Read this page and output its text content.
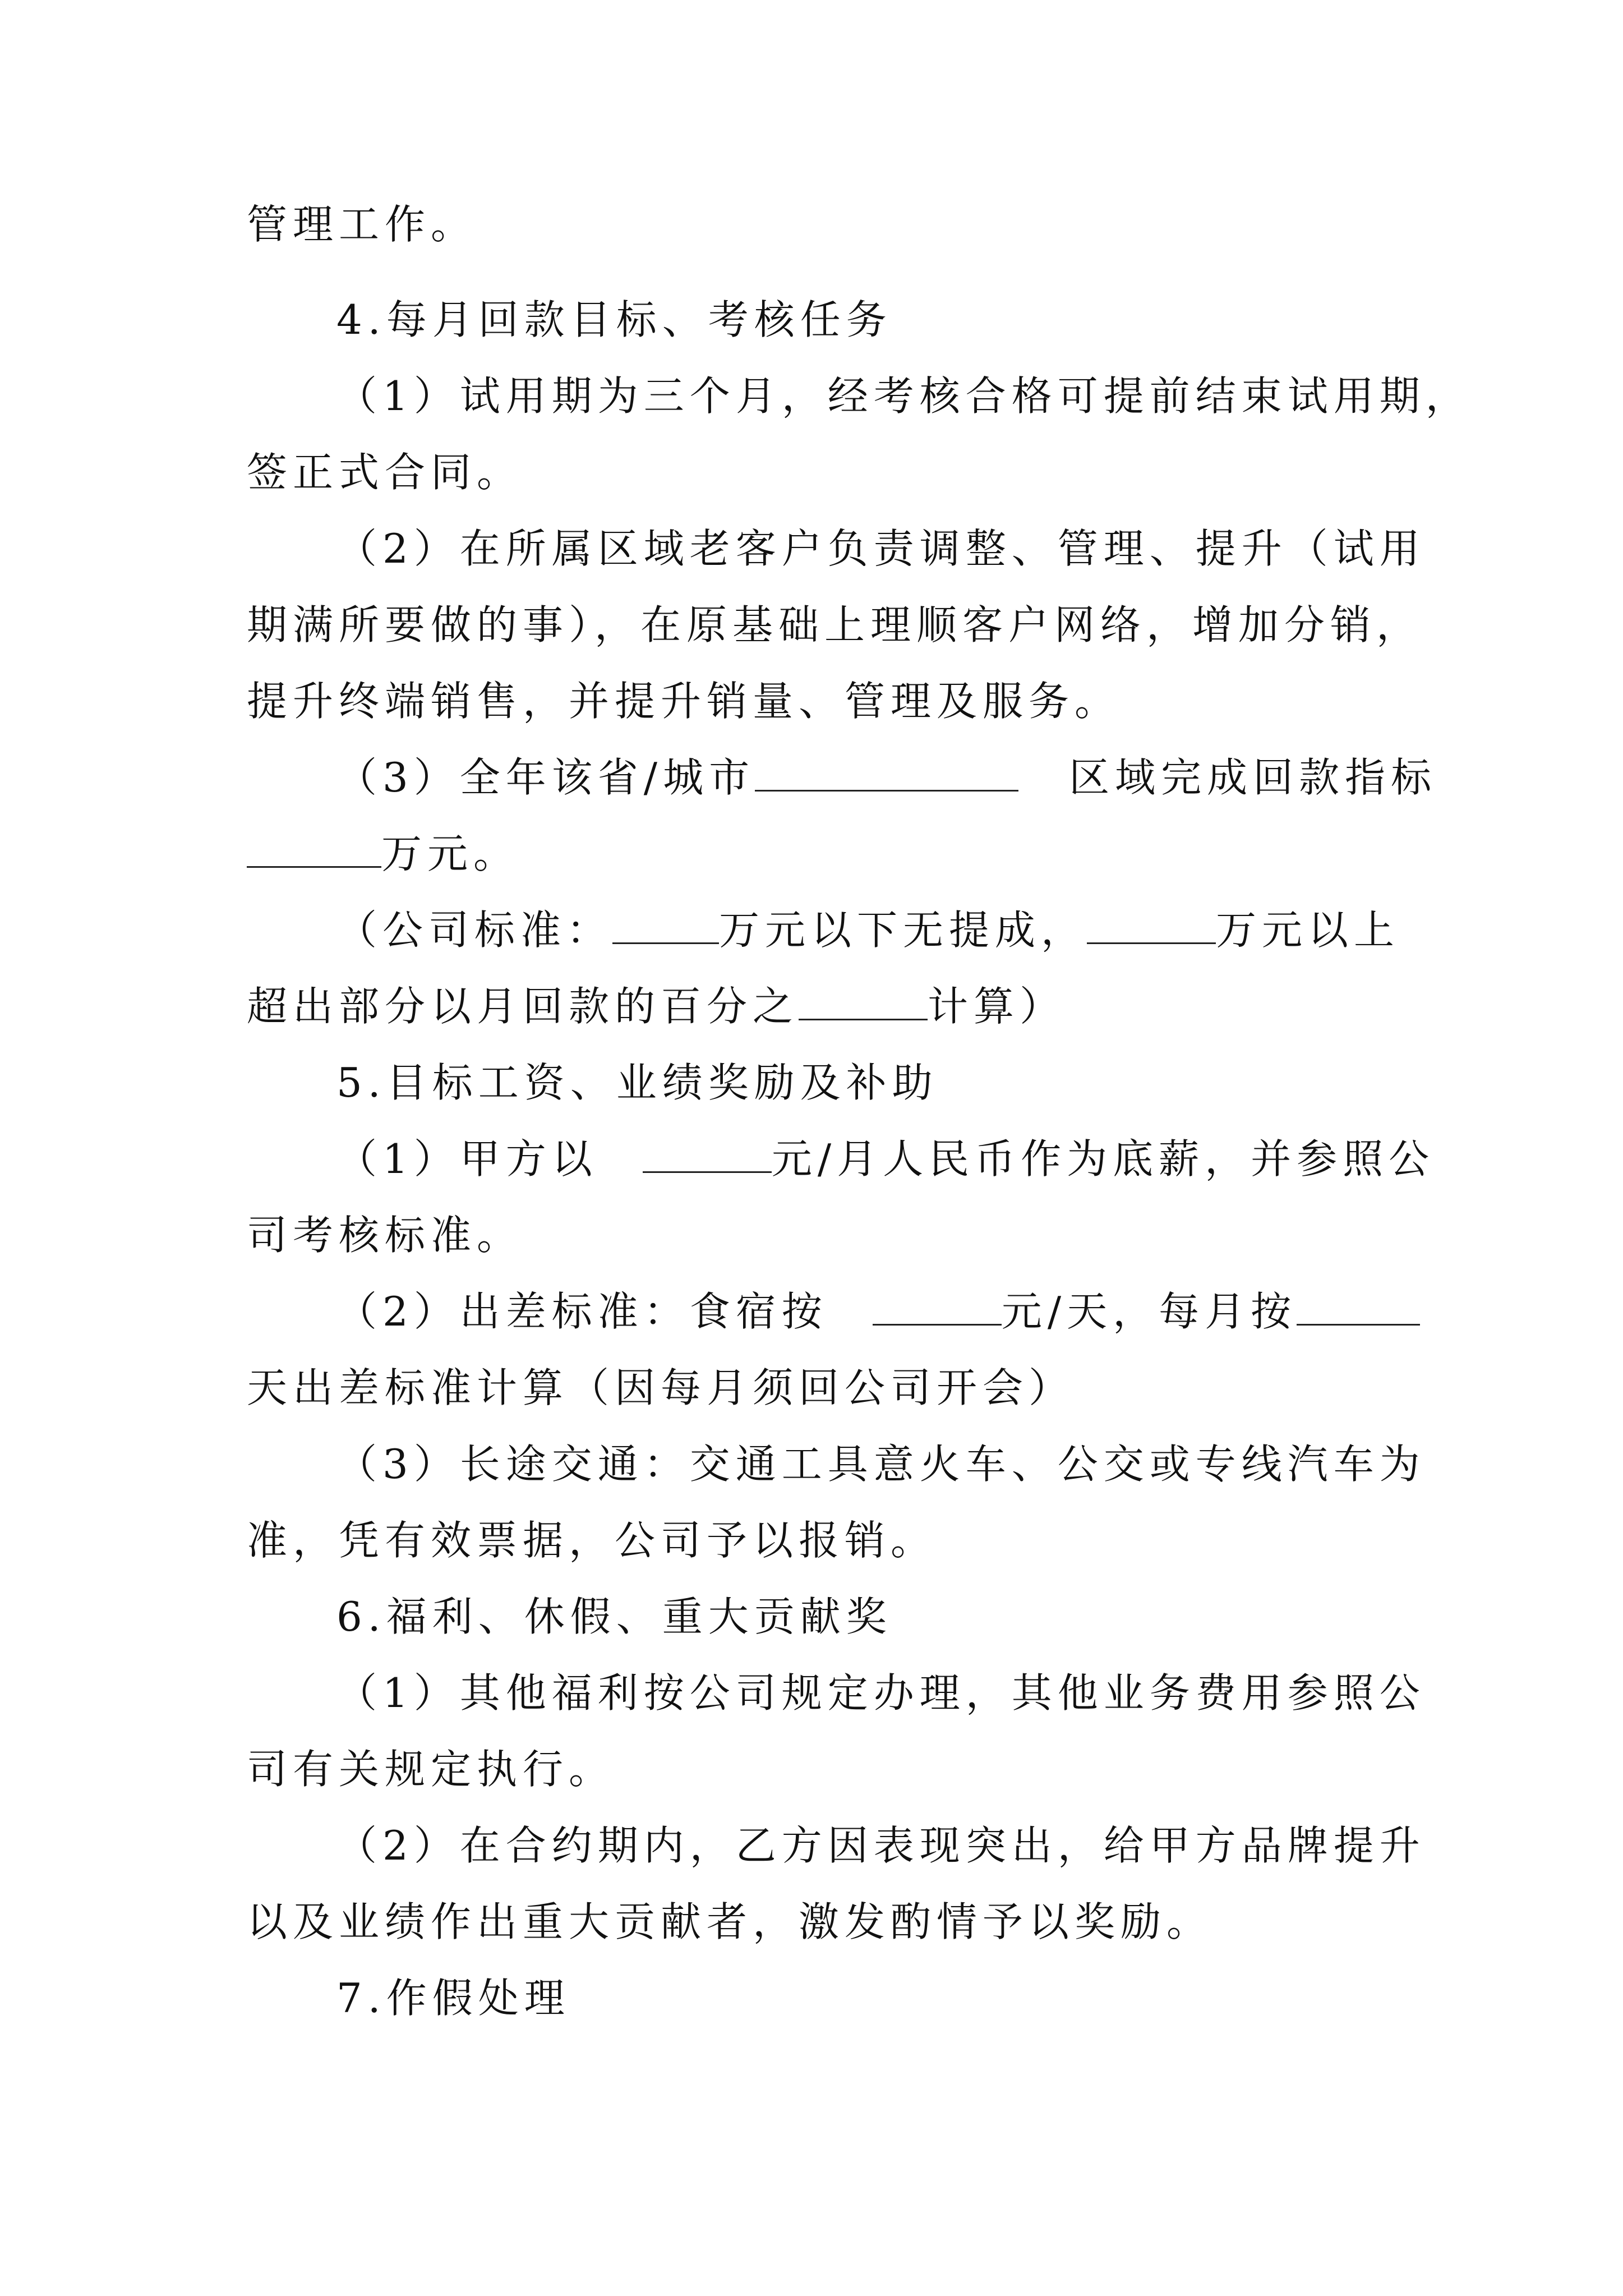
管理工作。
4.每月回款目标、考核任务
（1）试用期为三个月，经考核合格可提前结束试用期，
签正式合同。
（2）在所属区域老客户负责调整、管理、提升（试用
期满所要做的事），在原基础上理顺客户网络，增加分销，
提升终端销售，并提升销量、管理及服务。
（3）全年该省/城市	区域完成回款指标
万元。
（公司标准：	万元以下无提成，	万元以上
超出部分以月回款的百分之	计算）
5.目标工资、业绩奖励及补助
（1）甲方以	元/月人民币作为底薪，并参照公
司考核标准。
（2）出差标准：食宿按	元/天，每月按
天出差标准计算（因每月须回公司开会）
（3）长途交通：交通工具意火车、公交或专线汽车为
准，凭有效票据，公司予以报销。
6.福利、休假、重大贡献奖
（1）其他福利按公司规定办理，其他业务费用参照公
司有关规定执行。
（2）在合约期内，乙方因表现突出，给甲方品牌提升
以及业绩作出重大贡献者，激发酌情予以奖励。
7.作假处理
